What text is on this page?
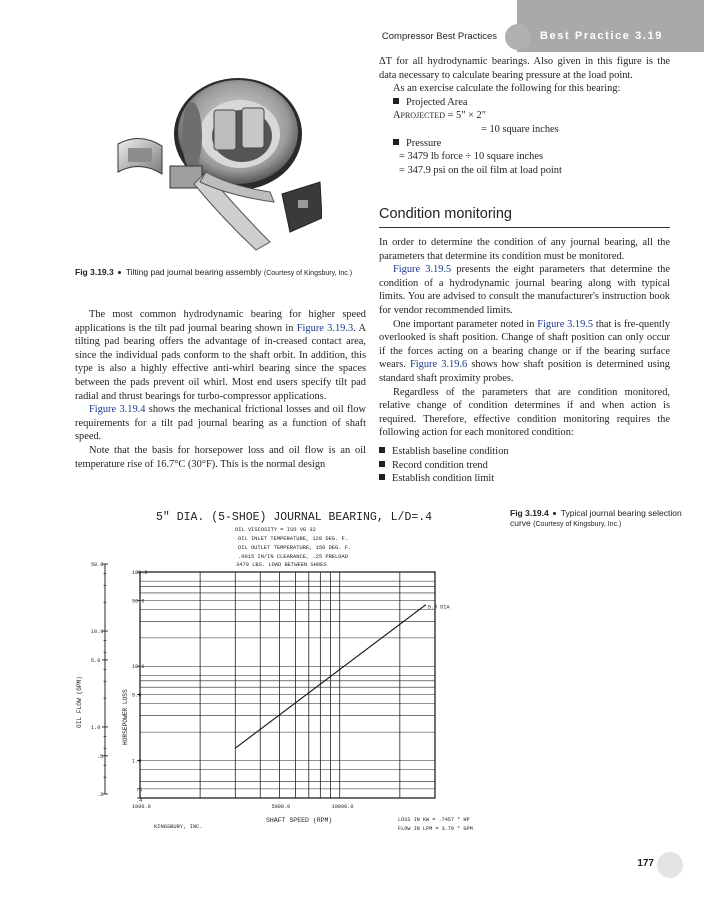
Compressor Best Practices	Best Practice 3.19
Fig 3.19.3 Tilting pad journal bearing assembly (Courtesy of Kingsbury, Inc.)
The most common hydrodynamic bearing for higher speed applications is the tilt pad journal bearing shown in Figure 3.19.3. A tilting pad bearing offers the advantage of in-creased contact area, since the individual pads conform to the shaft orbit. In addition, this type is also a highly effective anti-whirl bearing since the spaces between the pads prevent oil whirl. Most end users specify tilt pad radial and thrust bearings for turbo-compressor applications.
Figure 3.19.4 shows the mechanical frictional losses and oil flow requirements for a tilt pad journal bearing as a function of shaft speed.
Note that the basis for horsepower loss and oil flow is an oil temperature rise of 16.7°C (30°F). This is the normal design
ΔT for all hydrodynamic bearings. Also given in this figure is the data necessary to calculate bearing pressure at the load point.
As an exercise calculate the following for this bearing:
Projected Area
APROJECTED = 5" × 2"
= 10 square inches
Pressure
= 3479 lb force ÷ 10 square inches
= 347.9 psi on the oil film at load point
Condition monitoring
In order to determine the condition of any journal bearing, all the parameters that determine its condition must be monitored.
Figure 3.19.5 presents the eight parameters that determine the condition of a hydrodynamic journal bearing along with typical limits. You are advised to consult the manufacturer's instruction book for vendor recommended limits.
One important parameter noted in Figure 3.19.5 that is fre-quently overlooked is shaft position. Change of shaft position can only occur if the forces acting on a bearing change or if the bearing surface wears. Figure 3.19.6 shows how shaft position is determined using standard shaft proximity probes.
Regardless of the parameters that are condition monitored, relative change of condition determines if and when action is required. Therefore, effective condition monitoring requires the following action for each monitored condition:
Establish baseline condition
Record condition trend
Establish condition limit
Fig 3.19.4 Typical journal bearing selection curve (Courtesy of Kingsbury, Inc.)
5" DIA. (5-SHOE) JOURNAL BEARING, L/D=.4
OIL VISCOSITY = ISO VG 32
OIL INLET TEMPERATURE, 120 DEG. F.
OIL OUTLET TEMPERATURE, 150 DEG. F.
.0015 IN/IN CLEARANCE, .25 PRELOAD
3479 LBS. LOAD BETWEEN SHOES
1000.0	5000.0	10000.0
100.0
50.0
10.0
5.0
1.0
.5
.4
50.0
10.0
5.0
1.0
.5
.2
5.0 DIA
SHAFT SPEED (RPM)
OIL FLOW (GPM)	HORSEPOWER LOSS
KINGSBURY, INC.
LOSS IN KW = .7457 * HP
FLOW IN LPM = 3.79 * GPM
177
